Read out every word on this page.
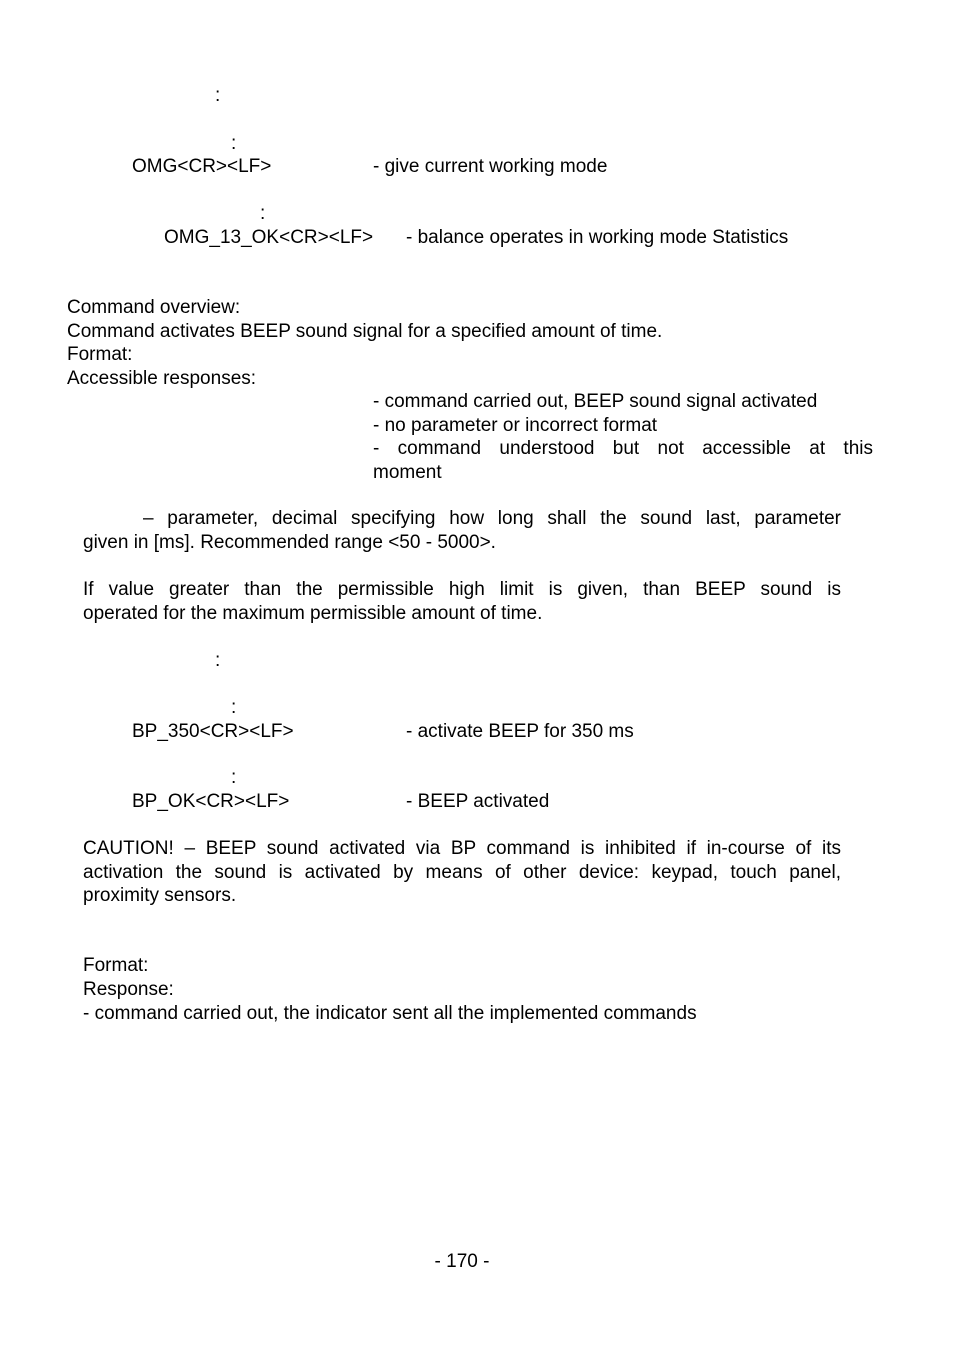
:
:
OMG<CR><LF>	- give current working mode
:
OMG_13_OK<CR><LF> - balance operates in working mode Statistics
Command overview:
Command activates BEEP sound signal for a specified amount of time.
Format:
Accessible responses:
- command carried out, BEEP sound signal activated
- no parameter or incorrect format
- command understood but not accessible at this
moment
– parameter, decimal specifying how long shall the sound last, parameter
given in [ms]. Recommended range <50 - 5000>.
If value greater than the permissible high limit is given, than BEEP sound is
operated for the maximum permissible amount of time.
:
:
BP_350<CR><LF>	- activate BEEP for 350 ms
:
BP_OK<CR><LF>	- BEEP activated
CAUTION! – BEEP sound activated via BP command is inhibited if in-course of its
activation the sound is activated by means of other device: keypad, touch panel,
proximity sensors.
Format:
Response:
- command carried out, the indicator sent all the implemented commands
- 170 -
